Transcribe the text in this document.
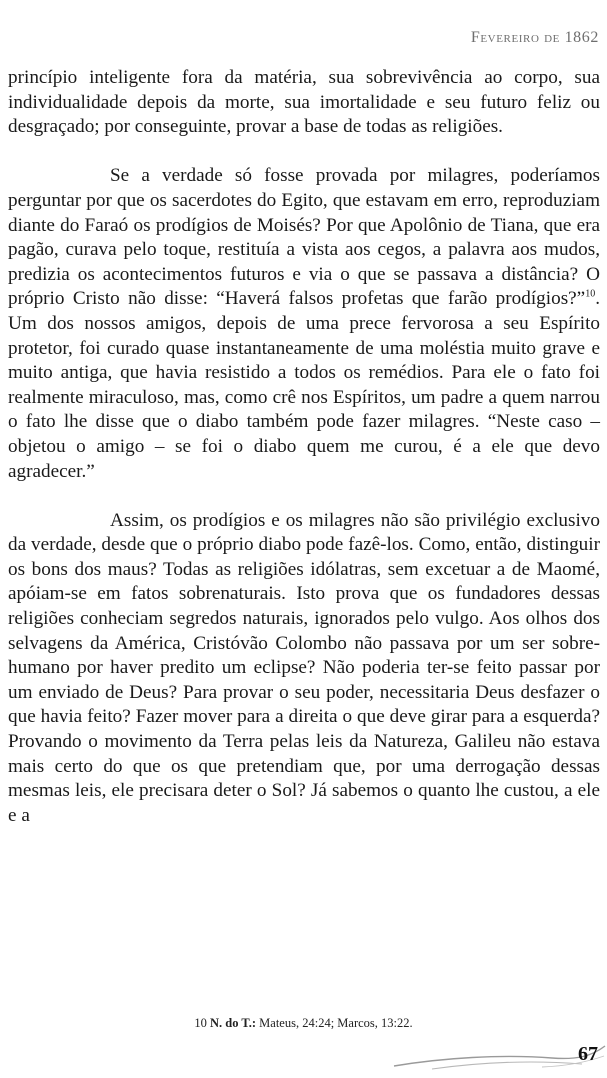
Fevereiro de 1862

princípio inteligente fora da matéria, sua sobrevivência ao corpo, sua individualidade depois da morte, sua imortalidade e seu futuro feliz ou desgraçado; por conseguinte, provar a base de todas as religiões.

Se a verdade só fosse provada por milagres, poderíamos perguntar por que os sacerdotes do Egito, que estavam em erro, reproduziam diante do Faraó os prodígios de Moisés? Por que Apolônio de Tiana, que era pagão, curava pelo toque, restituía a vista aos cegos, a palavra aos mudos, predizia os acontecimentos futuros e via o que se passava a distância? O próprio Cristo não disse: “Haverá falsos profetas que farão prodígios?”$^{10}$. Um dos nossos amigos, depois de uma prece fervorosa a seu Espírito protetor, foi curado quase instantaneamente de uma moléstia muito grave e muito antiga, que havia resistido a todos os remédios. Para ele o fato foi realmente miraculoso, mas, como crê nos Espíritos, um padre a quem narrou o fato lhe disse que o diabo também pode fazer milagres. “Neste caso – objetou o amigo – se foi o diabo quem me curou, é a ele que devo agradecer.”

Assim, os prodígios e os milagres não são privilégio exclusivo da verdade, desde que o próprio diabo pode fazê-los. Como, então, distinguir os bons dos maus? Todas as religiões idólatras, sem excetuar a de Maomé, apóiam-se em fatos sobrenaturais. Isto prova que os fundadores dessas religiões conheciam segredos naturais, ignorados pelo vulgo. Aos olhos dos selvagens da América, Cristóvão Colombo não passava por um ser sobre-humano por haver predito um eclipse? Não poderia ter-se feito passar por um enviado de Deus? Para provar o seu poder, necessitaria Deus desfazer o que havia feito? Fazer mover para a direita o que deve girar para a esquerda? Provando o movimento da Terra pelas leis da Natureza, Galileu não estava mais certo do que os que pretendiam que, por uma derrogação dessas mesmas leis, ele precisara deter o Sol? Já sabemos o quanto lhe custou, a ele e a

10 N. do T.: Mateus, 24:24; Marcos, 13:22.
67
